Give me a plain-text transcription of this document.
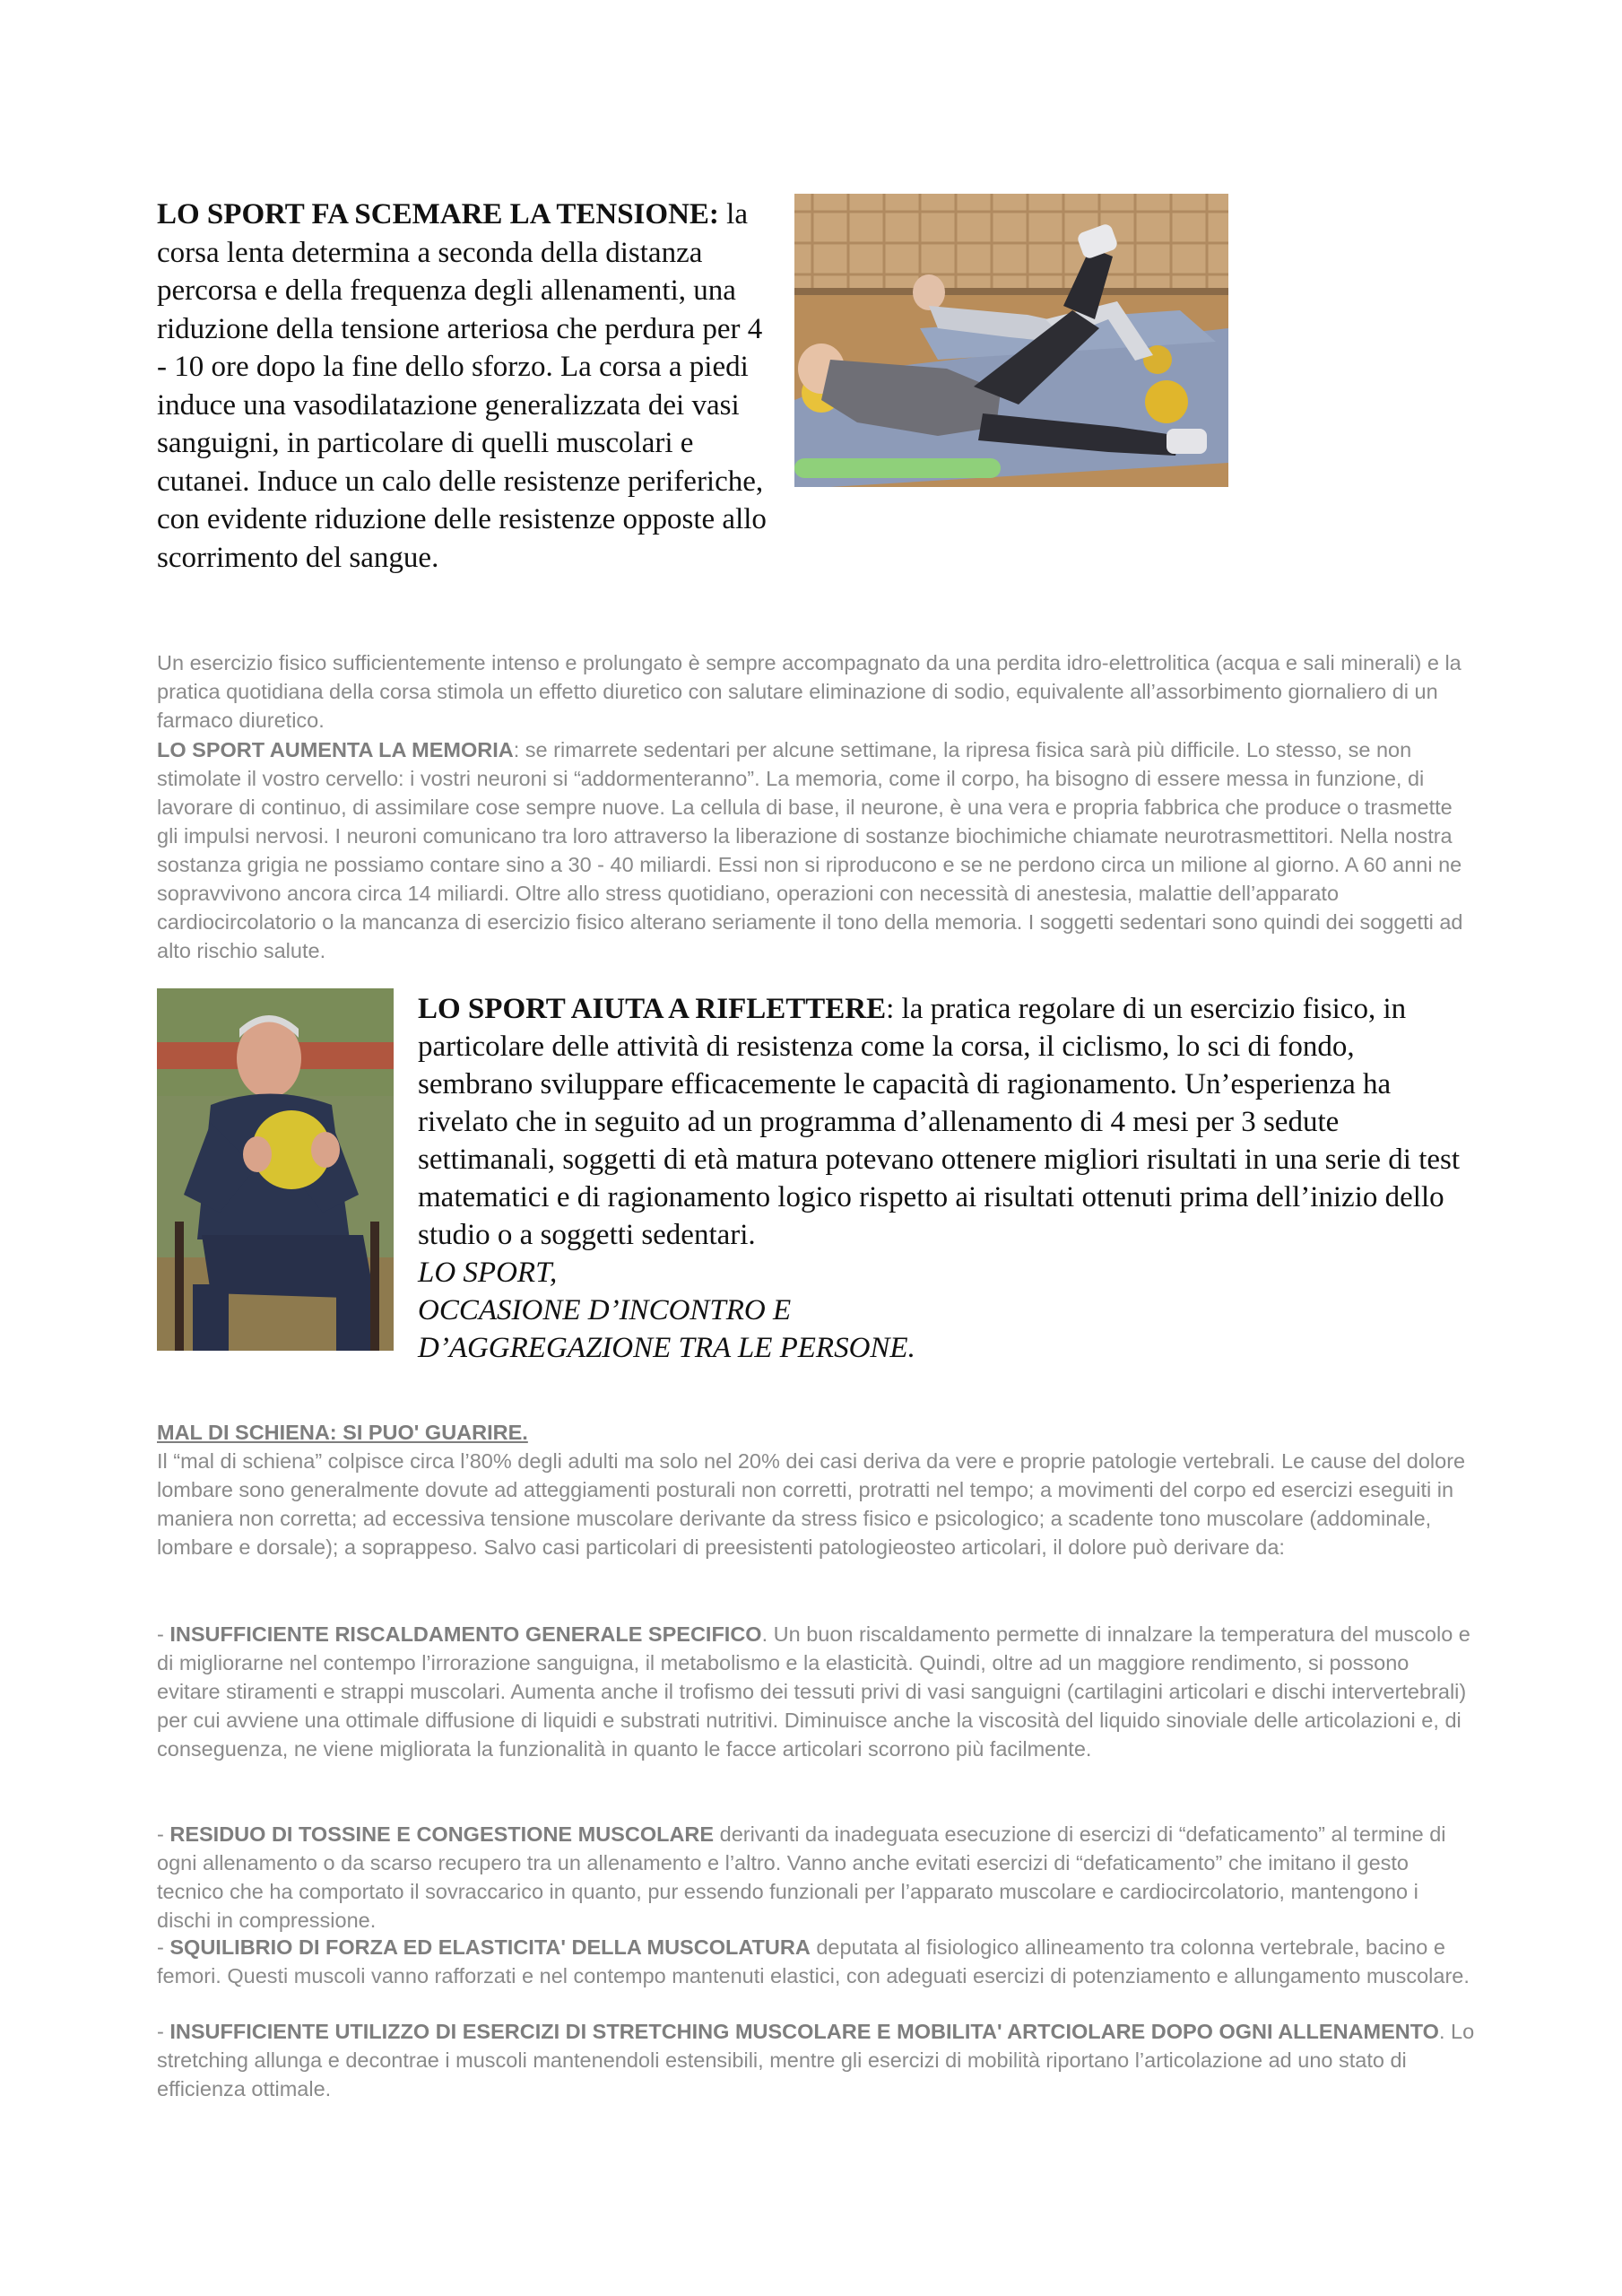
LO SPORT FA SCEMARE LA TENSIONE: la corsa lenta determina a seconda della distanza percorsa e della frequenza degli allenamenti, una riduzione della tensione arteriosa che perdura per 4 - 10 ore dopo la fine dello sforzo. La corsa a piedi induce una vasodilatazione generalizzata dei vasi sanguigni, in particolare di quelli muscolari e cutanei. Induce un calo delle resistenze periferiche, con evidente riduzione delle resistenze opposte allo scorrimento del sangue.
Un esercizio fisico sufficientemente intenso e prolungato è sempre accompagnato da una perdita idro-elettrolitica (acqua e sali minerali) e la pratica quotidiana della corsa stimola un effetto diuretico con salutare eliminazione di sodio, equivalente all’assorbimento giornaliero di un farmaco diuretico.
LO SPORT AUMENTA LA MEMORIA: se rimarrete sedentari per alcune settimane, la ripresa fisica sarà più difficile. Lo stesso, se non stimolate il vostro cervello: i vostri neuroni si “addormenteranno”. La memoria, come il corpo, ha bisogno di essere messa in funzione, di lavorare di continuo, di assimilare cose sempre nuove. La cellula di base, il neurone, è una vera e propria fabbrica che produce o trasmette gli impulsi nervosi. I neuroni comunicano tra loro attraverso la liberazione di sostanze biochimiche chiamate neurotrasmettitori. Nella nostra sostanza grigia ne possiamo contare sino a 30 - 40 miliardi. Essi non si riproducono e se ne perdono circa un milione al giorno. A 60 anni ne sopravvivono ancora circa 14 miliardi. Oltre allo stress quotidiano, operazioni con necessità di anestesia, malattie dell’apparato cardiocircolatorio o la mancanza di esercizio fisico alterano seriamente il tono della memoria. I soggetti sedentari sono quindi dei soggetti ad alto rischio salute.
LO SPORT AIUTA A RIFLETTERE: la pratica regolare di un esercizio fisico, in particolare delle attività di resistenza come la corsa, il ciclismo, lo sci di fondo, sembrano sviluppare efficacemente le capacità di ragionamento. Un’esperienza ha rivelato che in seguito ad un programma d’allenamento di 4 mesi per 3 sedute settimanali, soggetti di età matura potevano ottenere migliori risultati in una serie di test matematici e di ragionamento logico rispetto ai risultati ottenuti prima dell’inizio dello studio o a soggetti sedentari.
LO SPORT,
OCCASIONE D’INCONTRO E
D’AGGREGAZIONE TRA LE PERSONE.
MAL DI SCHIENA: SI PUO' GUARIRE.
Il “mal di schiena” colpisce circa l’80% degli adulti ma solo nel 20% dei casi deriva da vere e proprie patologie vertebrali. Le cause del dolore lombare sono generalmente dovute ad atteggiamenti posturali non corretti, protratti nel tempo; a movimenti del corpo ed esercizi eseguiti in maniera non corretta; ad eccessiva tensione muscolare derivante da stress fisico e psicologico; a scadente tono muscolare (addominale, lombare e dorsale); a soprappeso. Salvo casi particolari di preesistenti patologieosteo articolari, il dolore può derivare da:
- INSUFFICIENTE RISCALDAMENTO GENERALE SPECIFICO. Un buon riscaldamento permette di innalzare la temperatura del muscolo e di migliorarne nel contempo l’irrorazione sanguigna, il metabolismo e la elasticità. Quindi, oltre ad un maggiore rendimento, si possono evitare stiramenti e strappi muscolari. Aumenta anche il trofismo dei tessuti privi di vasi sanguigni (cartilagini articolari e dischi intervertebrali) per cui avviene una ottimale diffusione di liquidi e substrati nutritivi. Diminuisce anche la viscosità del liquido sinoviale delle articolazioni e, di conseguenza, ne viene migliorata la funzionalità in quanto le facce articolari scorrono più facilmente.
- RESIDUO DI TOSSINE E CONGESTIONE MUSCOLARE derivanti da inadeguata esecuzione di esercizi di “defaticamento” al termine di ogni allenamento o da scarso recupero tra un allenamento e l’altro. Vanno anche evitati esercizi di “defaticamento” che imitano il gesto tecnico che ha comportato il sovraccarico in quanto, pur essendo funzionali per l’apparato muscolare e cardiocircolatorio, mantengono i dischi in compressione.
- SQUILIBRIO DI FORZA ED ELASTICITA' DELLA MUSCOLATURA deputata al fisiologico allineamento tra colonna vertebrale, bacino e femori. Questi muscoli vanno rafforzati e nel contempo mantenuti elastici, con adeguati esercizi di potenziamento e allungamento muscolare.
- INSUFFICIENTE UTILIZZO DI ESERCIZI DI STRETCHING MUSCOLARE E MOBILITA' ARTCIOLARE DOPO OGNI ALLENAMENTO. Lo stretching allunga e decontrae i muscoli mantenendoli estensibili, mentre gli esercizi di mobilità riportano l’articolazione ad uno stato di efficienza ottimale.
